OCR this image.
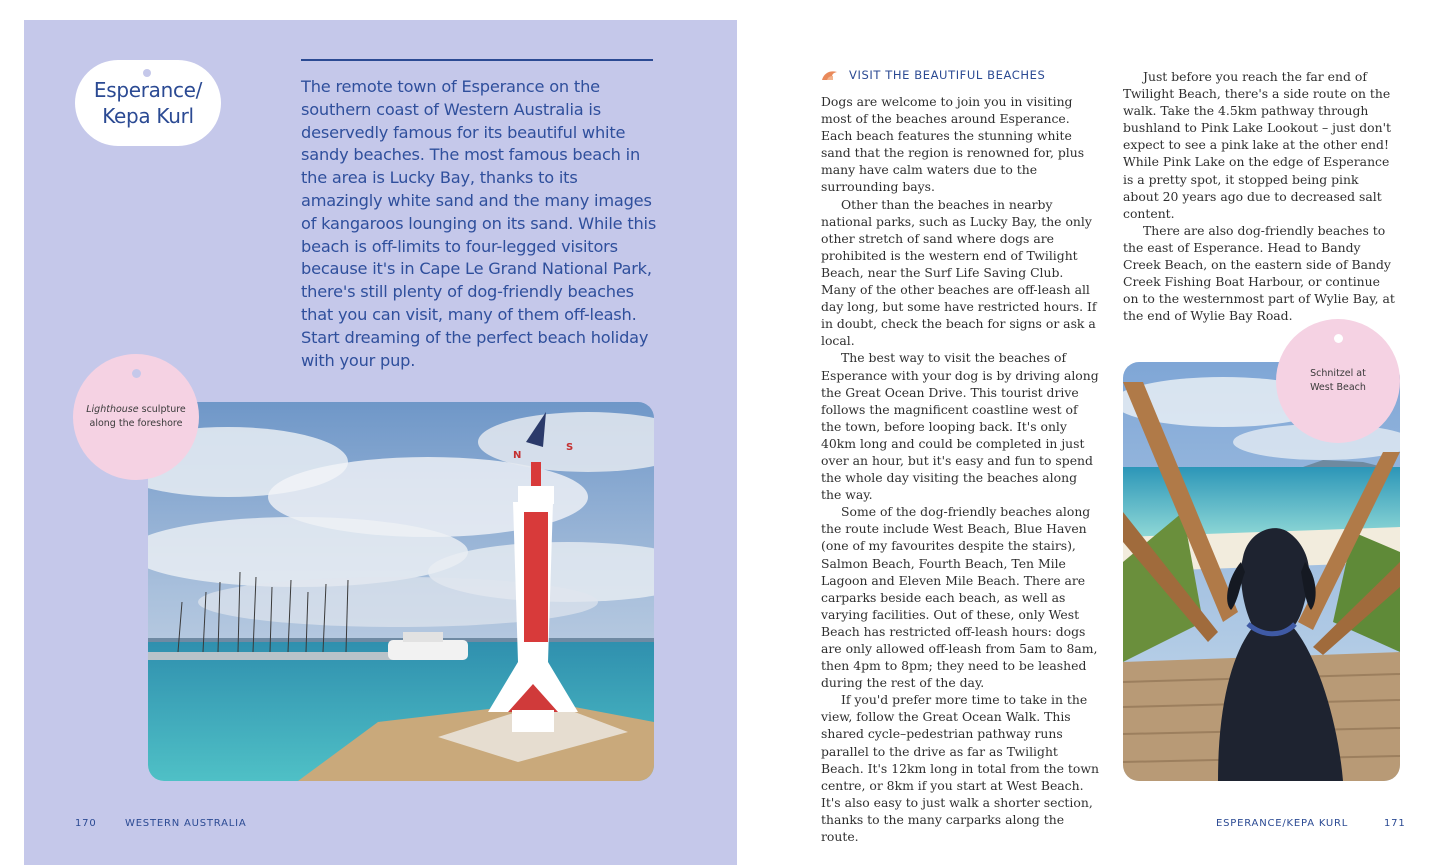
Esperance/
Kepa Kurl

The remote town of Esperance on the southern coast of Western Australia is deservedly famous for its beautiful white sandy beaches. The most famous beach in the area is Lucky Bay, thanks to its amazingly white sand and the many images of kangaroos lounging on its sand. While this beach is off-limits to four-legged visitors because it's in Cape Le Grand National Park, there's still plenty of dog-friendly beaches that you can visit, many of them off-leash. Start dreaming of the perfect beach holiday with your pup.

N
S
Lighthouse sculpture
along the foreshore
170	WESTERN AUSTRALIA
VISIT THE BEAUTIFUL BEACHES

Dogs are welcome to join you in visiting most of the beaches around Esperance. Each beach features the stunning white sand that the region is renowned for, plus many have calm waters due to the surrounding bays.

Other than the beaches in nearby national parks, such as Lucky Bay, the only other stretch of sand where dogs are prohibited is the western end of Twilight Beach, near the Surf Life Saving Club. Many of the other beaches are off-leash all day long, but some have restricted hours. If in doubt, check the beach for signs or ask a local.

The best way to visit the beaches of Esperance with your dog is by driving along the Great Ocean Drive. This tourist drive follows the magnificent coastline west of the town, before looping back. It's only 40km long and could be completed in just over an hour, but it's easy and fun to spend the whole day visiting the beaches along the way.

Some of the dog-friendly beaches along the route include West Beach, Blue Haven (one of my favourites despite the stairs), Salmon Beach, Fourth Beach, Ten Mile Lagoon and Eleven Mile Beach. There are carparks beside each beach, as well as varying facilities. Out of these, only West Beach has restricted off-leash hours: dogs are only allowed off-leash from 5am to 8am, then 4pm to 8pm; they need to be leashed during the rest of the day.

If you'd prefer more time to take in the view, follow the Great Ocean Walk. This shared cycle–pedestrian pathway runs parallel to the drive as far as Twilight Beach. It's 12km long in total from the town centre, or 8km if you start at West Beach. It's also easy to just walk a shorter section, thanks to the many carparks along the route.

Just before you reach the far end of Twilight Beach, there's a side route on the walk. Take the 4.5km pathway through bushland to Pink Lake Lookout – just don't expect to see a pink lake at the other end! While Pink Lake on the edge of Esperance is a pretty spot, it stopped being pink about 20 years ago due to decreased salt content.

There are also dog-friendly beaches to the east of Esperance. Head to Bandy Creek Beach, on the eastern side of Bandy Creek Fishing Boat Harbour, or continue on to the westernmost part of Wylie Bay, at the end of Wylie Bay Road.

Schnitzel at
West Beach
ESPERANCE/KEPA KURL	171
